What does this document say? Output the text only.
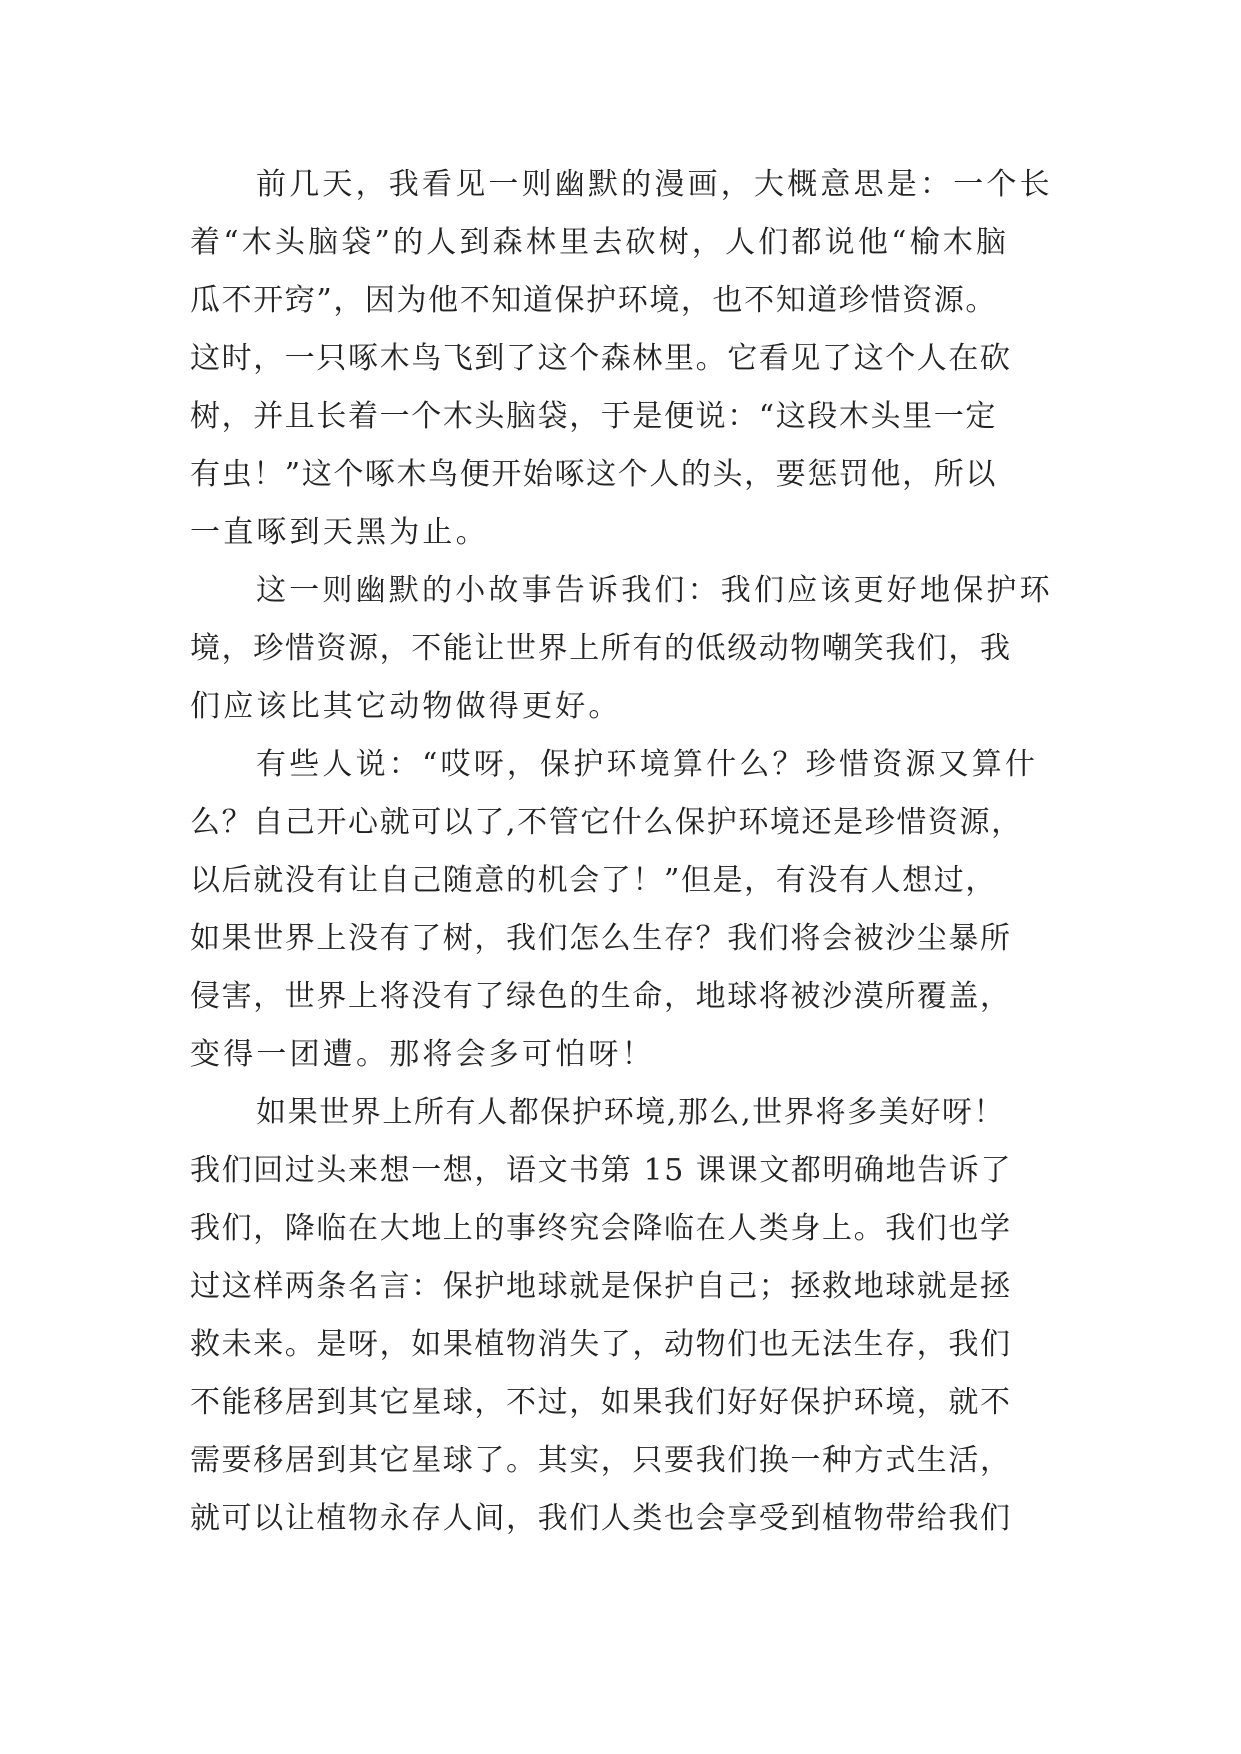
前几天，我看见一则幽默的漫画，大概意思是：一个长
着“木头脑袋”的人到森林里去砍树，人们都说他“榆木脑
瓜不开窍”，因为他不知道保护环境，也不知道珍惜资源。
这时，一只啄木鸟飞到了这个森林里。它看见了这个人在砍
树，并且长着一个木头脑袋，于是便说：“这段木头里一定
有虫！”这个啄木鸟便开始啄这个人的头，要惩罚他，所以
一直啄到天黑为止。
这一则幽默的小故事告诉我们：我们应该更好地保护环
境，珍惜资源，不能让世界上所有的低级动物嘲笑我们，我
们应该比其它动物做得更好。
有些人说：“哎呀，保护环境算什么？珍惜资源又算什
么？自己开心就可以了,不管它什么保护环境还是珍惜资源，
以后就没有让自己随意的机会了！”但是，有没有人想过，
如果世界上没有了树，我们怎么生存？我们将会被沙尘暴所
侵害，世界上将没有了绿色的生命，地球将被沙漠所覆盖，
变得一团遭。那将会多可怕呀！
如果世界上所有人都保护环境,那么,世界将多美好呀！
我们回过头来想一想，语文书第 15 课课文都明确地告诉了
我们，降临在大地上的事终究会降临在人类身上。我们也学
过这样两条名言：保护地球就是保护自己；拯救地球就是拯
救未来。是呀，如果植物消失了，动物们也无法生存，我们
不能移居到其它星球，不过，如果我们好好保护环境，就不
需要移居到其它星球了。其实，只要我们换一种方式生活，
就可以让植物永存人间，我们人类也会享受到植物带给我们
